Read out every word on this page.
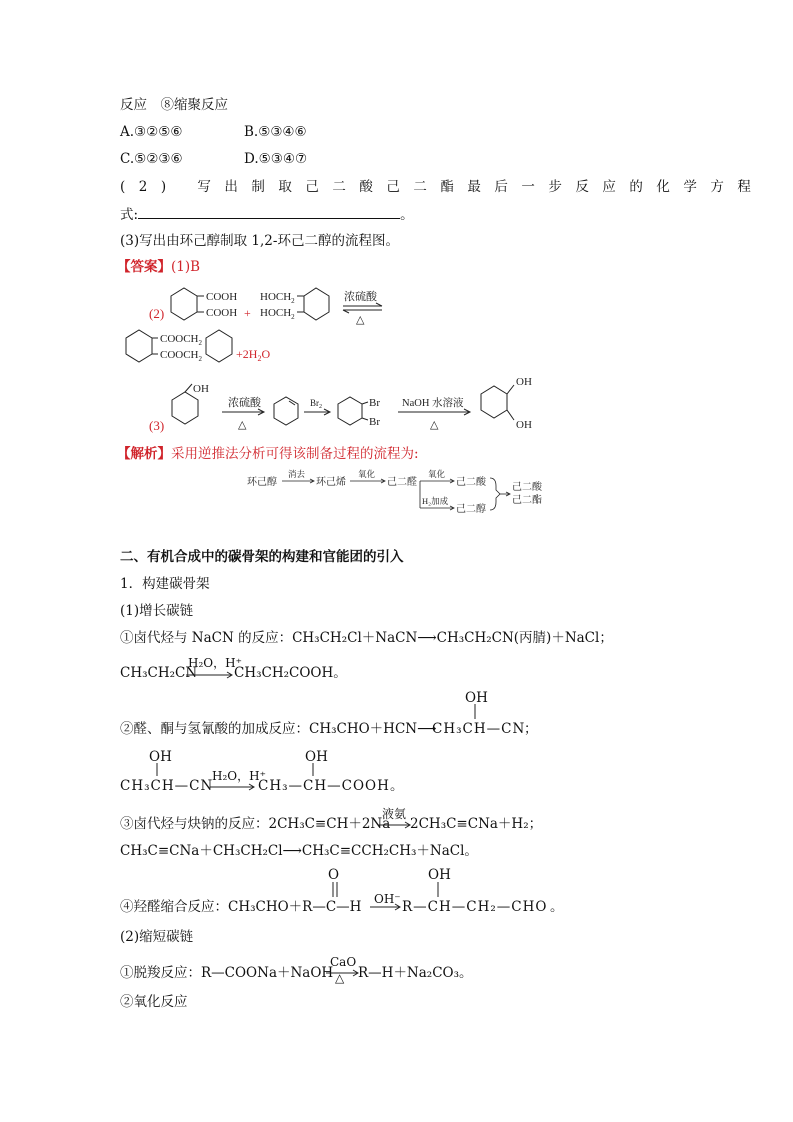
反应　⑧缩聚反应
A.③②⑤⑥	B.⑤③④⑥
C.⑤②③⑥	D.⑤③④⑦
(2) 写出制取己二酸己二酯最后一步反应的化学方程
式:	。
(3)写出由环己醇制取 1,2-环己二醇的流程图。
【答案】(1)B
(2)
COOH
COOH +
$HOCH_2$
$HOCH_2$
浓硫酸
△
$COOCH_2$
$COOCH_2$	$+2H_2O$
(3)
OH
浓硫酸
△
$Br_2$	Br
Br
NaOH 水溶液
△
OH
OH
【解析】采用逆推法分析可得该制备过程的流程为:
环己醇
消去
环己烯
氧化
己二醛
氧化
己二酸
H₂加成
己二醇
己二酸
己二酯
二、有机合成中的碳骨架的构建和官能团的引入
1．构建碳骨架
(1)增长碳链
①卤代烃与 NaCN 的反应：CH₃CH₂Cl＋NaCN⟶CH₃CH₂CN(丙腈)＋NaCl；
CH₃CH₂CN
H₂O，H⁺
CH₃CH₂COOH。
OH
②醛、酮与氢氰酸的加成反应：CH₃CHO＋HCN⟶
CH₃CH—CN
；
OH
CH₃CH—CN
H₂O，H⁺
OH
CH₃—CH—COOH 。
③卤代烃与炔钠的反应：2CH₃C≡CH＋2Na
液氨
2CH₃C≡CNa＋H₂；
CH₃C≡CNa＋CH₃CH₂Cl⟶CH₃C≡CCH₂CH₃＋NaCl。
O
④羟醛缩合反应：CH₃CHO＋R—C—H OH⁻
OH
R—CH—CH₂—CHO 。
(2)缩短碳链
①脱羧反应：R—COONa＋NaOH
CaO
△ R—H＋Na₂CO₃。
②氧化反应
